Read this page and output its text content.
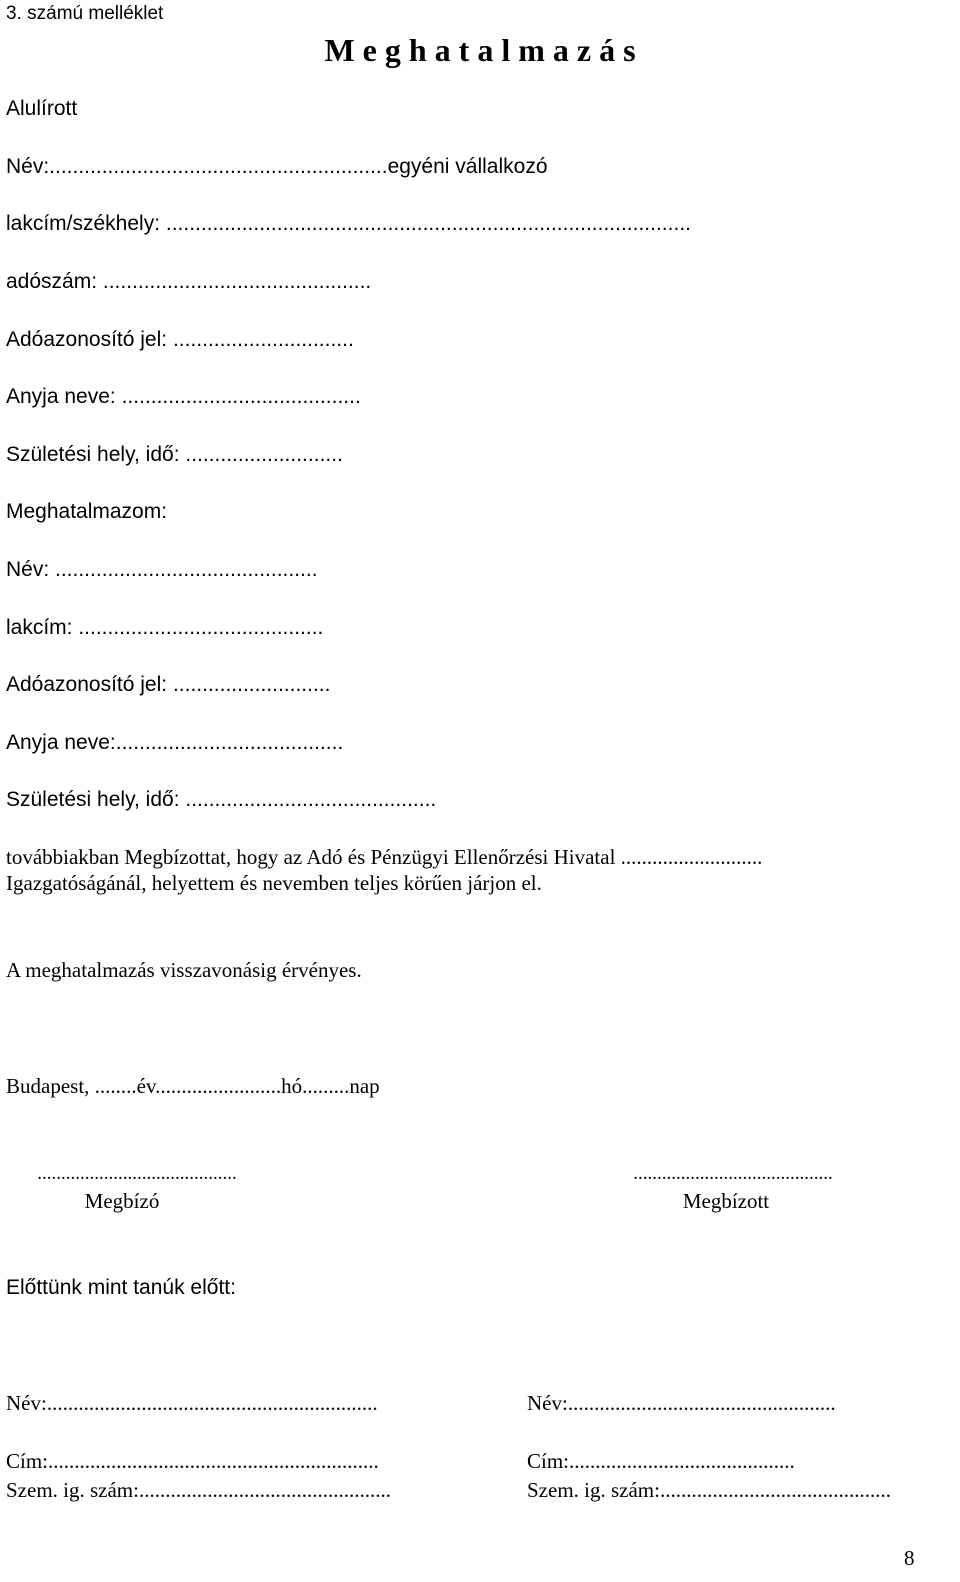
3. számú melléklet
M e g h a t a l m a z á s
Alulírott
Név:..........................................................egyéni vállalkozó
lakcím/székhely: ..........................................................................................
adószám: ..............................................
Adóazonosító jel: ...............................
Anyja neve: .........................................
Születési hely, idő: ...........................
Meghatalmazom:
Név: .............................................
lakcím: ..........................................
Adóazonosító jel: ...........................
Anyja neve:.......................................
Születési hely, idő: ...........................................
továbbiakban Megbízottat, hogy az Adó és Pénzügyi Ellenőrzési Hivatal ...........................
Igazgatóságánál, helyettem és nevemben teljes körűen járjon el.
A meghatalmazás visszavonásig érvényes.
Budapest, ........év........................hó.........nap
..........................................
Megbízó
..........................................
Megbízott
Előttünk mint tanúk előtt:
Név:...............................................................
Cím:...............................................................
Szem. ig. szám:................................................
Név:...................................................
Cím:...........................................
Szem. ig. szám:............................................
8
